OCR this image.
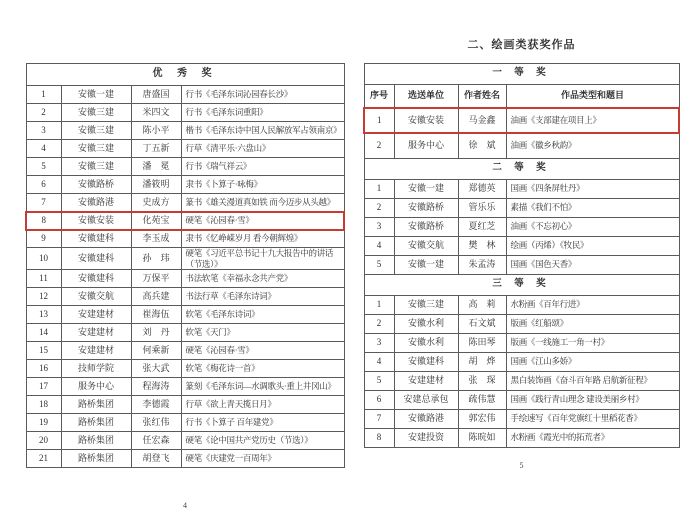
优 秀 奖			
1	安徽一建	唐盛国	行书《毛泽东词沁园春长沙》
2	安徽三建	米四文	行书《毛泽东词重阳》
3	安徽三建	陈小平	楷书《毛泽东诗中国人民解放军占领南京》
4	安徽三建	丁五新	行草《清平乐·六盘山》
5	安徽三建	潘　冕	行书《瑞气祥云》
6	安徽路桥	潘筱明	隶书《卜算子·咏梅》
7	安徽路港	史成方	篆书《雄关漫道真如铁 而今迈步从头越》
8	安徽安装	化苑宝	硬笔《沁园春·雪》
9	安徽建科	李玉成	隶书《忆峥嵘岁月 看今朝辉煌》
10	安徽建科	孙　玮	硬笔《习近平总书记十九大报告中的讲话（节选）》
11	安徽建科	万保平	书法软笔《幸福永念共产党》
12	安徽交航	高兵建	书法行草《毛泽东诗词》
13	安建建材	崔海伍	软笔《毛泽东诗词》
14	安建建材	刘　丹	软笔《天门》
15	安建建材	何乘新	硬笔《沁园春·雪》
16	技师学院	张大武	软笔《梅花诗一首》
17	服务中心	程海涛	篆刻《毛泽东词—水调歌头·重上井冈山》
18	路桥集团	李德霞	行草《欲上青天揽日月》
19	路桥集团	张红伟	行书《卜算子 百年建党》
20	路桥集团	任宏森	硬笔《论中国共产党历史（节选）》
21	路桥集团	胡登飞	硬笔《庆建党一百周年》
二、绘画类获奖作品
一 等 奖			
序号	选送单位	作者姓名	作品类型和题目
1	安徽安装	马金鑫	油画《支部建在项目上》
2	服务中心	徐　斌	油画《徽乡秋韵》
二 等 奖			
1	安徽一建	郑德英	国画《四条屏牡丹》
2	安徽路桥	管乐乐	素描《我们不怕》
3	安徽路桥	夏红芝	油画《不忘初心》
4	安徽交航	樊　林	绘画（丙烯）《牧民》
5	安徽一建	朱孟涛	国画《国色天香》
三 等 奖			
1	安徽三建	高　莉	水粉画《百年行进》
2	安徽水利	石文斌	版画《红船颂》
3	安徽水利	陈田琴	版画《一线施工一角一村》
4	安徽建科	胡　烨	国画《江山多娇》
5	安建建材	张　琛	黑白装饰画《奋斗百年路 启航新征程》
6	安建总承包	疏伟慧	国画《践行青山理念 建设美丽乡村》
7	安徽路港	郭宏伟	手绘速写《百年党旗红十里稻花香》
8	安建投资	陈晥如	水粉画《霞光中的拓荒者》
4
5
